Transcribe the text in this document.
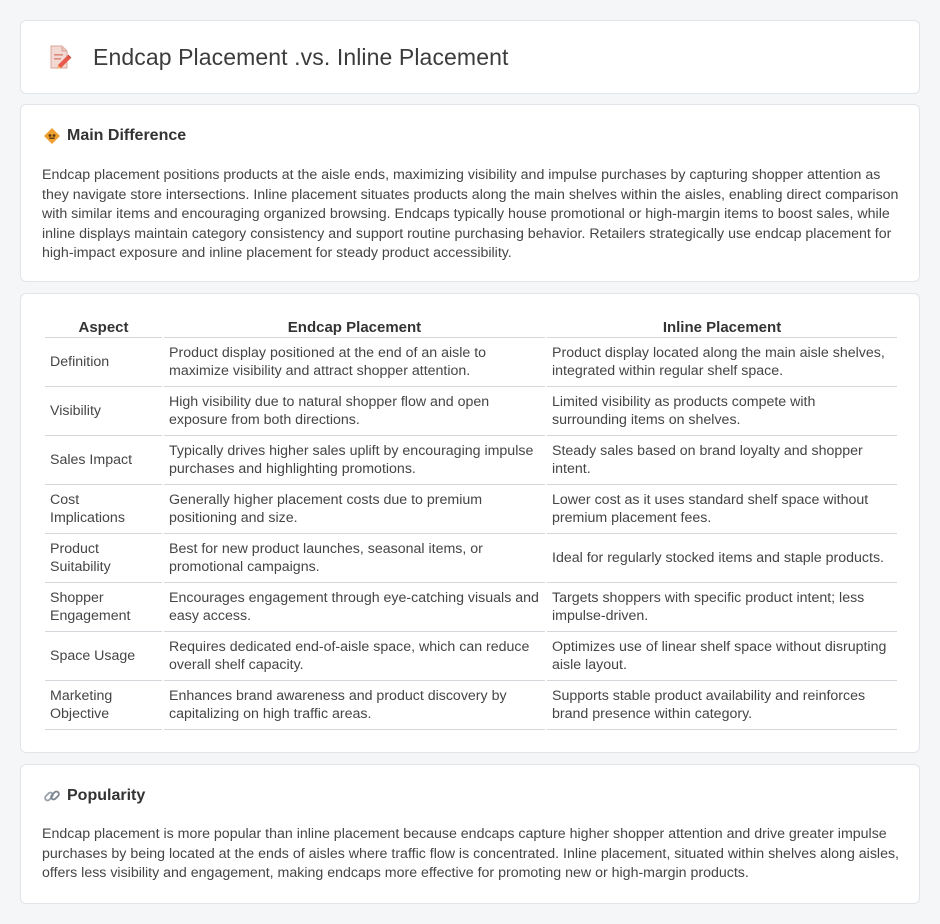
Endcap Placement .vs. Inline Placement
Main Difference

Endcap placement positions products at the aisle ends, maximizing visibility and impulse purchases by capturing shopper attention as they navigate store intersections. Inline placement situates products along the main shelves within the aisles, enabling direct comparison with similar items and encouraging organized browsing. Endcaps typically house promotional or high-margin items to boost sales, while inline displays maintain category consistency and support routine purchasing behavior. Retailers strategically use endcap placement for high-impact exposure and inline placement for steady product accessibility.

Aspect	Endcap Placement	Inline Placement
Definition	Product display positioned at the end of an aisle to maximize visibility and attract shopper attention.	Product display located along the main aisle shelves, integrated within regular shelf space.
Visibility	High visibility due to natural shopper flow and open exposure from both directions.	Limited visibility as products compete with surrounding items on shelves.
Sales Impact	Typically drives higher sales uplift by encouraging impulse purchases and highlighting promotions.	Steady sales based on brand loyalty and shopper intent.
Cost Implications	Generally higher placement costs due to premium positioning and size.	Lower cost as it uses standard shelf space without premium placement fees.
Product Suitability	Best for new product launches, seasonal items, or promotional campaigns.	Ideal for regularly stocked items and staple products.
Shopper Engagement	Encourages engagement through eye-catching visuals and easy access.	Targets shoppers with specific product intent; less impulse-driven.
Space Usage	Requires dedicated end-of-aisle space, which can reduce overall shelf capacity.	Optimizes use of linear shelf space without disrupting aisle layout.
Marketing Objective	Enhances brand awareness and product discovery by capitalizing on high traffic areas.	Supports stable product availability and reinforces brand presence within category.
Popularity

Endcap placement is more popular than inline placement because endcaps capture higher shopper attention and drive greater impulse purchases by being located at the ends of aisles where traffic flow is concentrated. Inline placement, situated within shelves along aisles, offers less visibility and engagement, making endcaps more effective for promoting new or high-margin products.
